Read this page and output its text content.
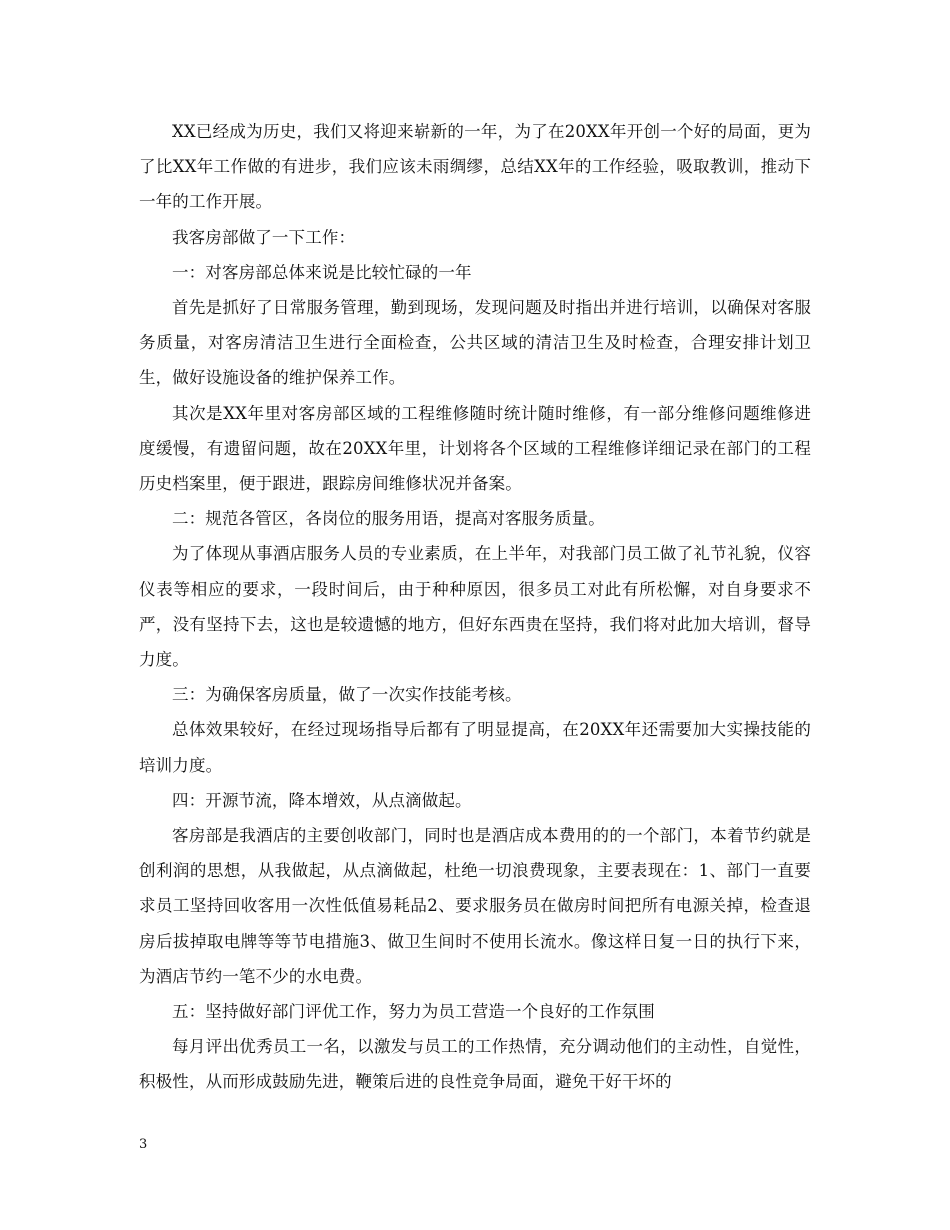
XX已经成为历史，我们又将迎来崭新的一年，为了在20XX年开创一个好的局面，更为了比XX年工作做的有进步，我们应该未雨绸缪，总结XX年的工作经验，吸取教训，推动下一年的工作开展。

我客房部做了一下工作：

一：对客房部总体来说是比较忙碌的一年

首先是抓好了日常服务管理，勤到现场，发现问题及时指出并进行培训，以确保对客服务质量，对客房清洁卫生进行全面检查，公共区域的清洁卫生及时检查，合理安排计划卫生，做好设施设备的维护保养工作。

其次是XX年里对客房部区域的工程维修随时统计随时维修，有一部分维修问题维修进度缓慢，有遗留问题，故在20XX年里，计划将各个区域的工程维修详细记录在部门的工程历史档案里，便于跟进，跟踪房间维修状况并备案。

二：规范各管区，各岗位的服务用语，提高对客服务质量。

为了体现从事酒店服务人员的专业素质，在上半年，对我部门员工做了礼节礼貌，仪容仪表等相应的要求，一段时间后，由于种种原因，很多员工对此有所松懈，对自身要求不严，没有坚持下去，这也是较遗憾的地方，但好东西贵在坚持，我们将对此加大培训，督导力度。

三：为确保客房质量，做了一次实作技能考核。

总体效果较好，在经过现场指导后都有了明显提高，在20XX年还需要加大实操技能的培训力度。

四：开源节流，降本增效，从点滴做起。

客房部是我酒店的主要创收部门，同时也是酒店成本费用的的一个部门，本着节约就是创利润的思想，从我做起，从点滴做起，杜绝一切浪费现象，主要表现在：1、部门一直要求员工坚持回收客用一次性低值易耗品2、要求服务员在做房时间把所有电源关掉，检查退房后拔掉取电牌等等节电措施3、做卫生间时不使用长流水。像这样日复一日的执行下来，为酒店节约一笔不少的水电费。

五：坚持做好部门评优工作，努力为员工营造一个良好的工作氛围

每月评出优秀员工一名，以激发与员工的工作热情，充分调动他们的主动性，自觉性，积极性，从而形成鼓励先进，鞭策后进的良性竞争局面，避免干好干坏的

3
